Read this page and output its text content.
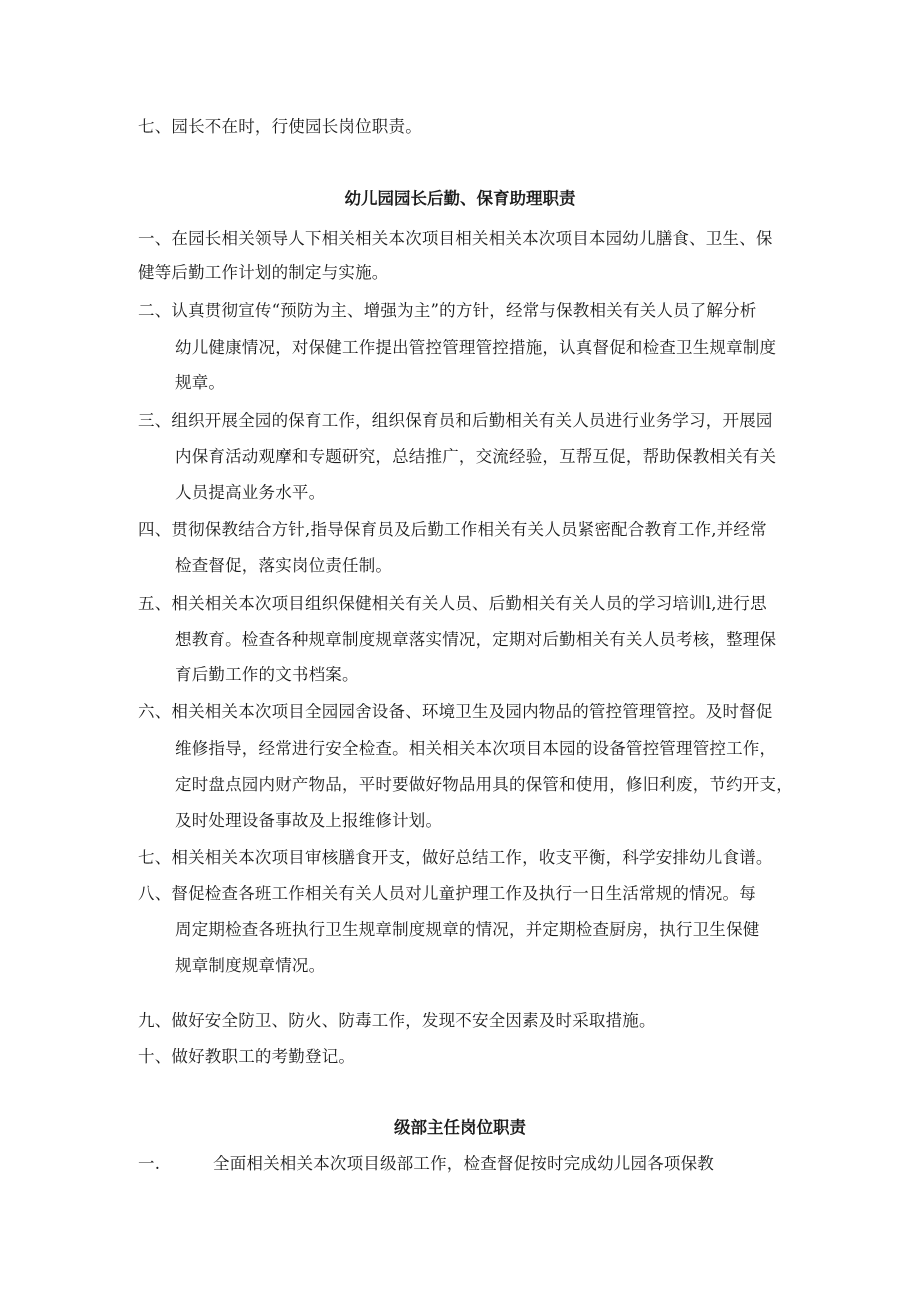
七、园长不在时，行使园长岗位职责。
幼儿园园长后勤、保育助理职责
一、在园长相关领导人下相关相关本次项目相关相关本次项目本园幼儿膳食、卫生、保
健等后勤工作计划的制定与实施。
二、认真贯彻宣传“预防为主、增强为主”的方针，经常与保教相关有关人员了解分析
幼儿健康情况，对保健工作提出管控管理管控措施，认真督促和检查卫生规章制度
规章。
三、组织开展全园的保育工作，组织保育员和后勤相关有关人员进行业务学习，开展园
内保育活动观摩和专题研究，总结推广，交流经验，互帮互促，帮助保教相关有关
人员提高业务水平。
四、贯彻保教结合方针,指导保育员及后勤工作相关有关人员紧密配合教育工作,并经常
检查督促，落实岗位责任制。
五、相关相关本次项目组织保健相关有关人员、后勤相关有关人员的学习培训l,进行思
想教育。检查各种规章制度规章落实情况，定期对后勤相关有关人员考核，整理保
育后勤工作的文书档案。
六、相关相关本次项目全园园舍设备、环境卫生及园内物品的管控管理管控。及时督促
维修指导，经常进行安全检查。相关相关本次项目本园的设备管控管理管控工作，
定时盘点园内财产物品，平时要做好物品用具的保管和使用，修旧利废，节约开支，
及时处理设备事故及上报维修计划。
七、相关相关本次项目审核膳食开支，做好总结工作，收支平衡，科学安排幼儿食谱。
八、督促检查各班工作相关有关人员对儿童护理工作及执行一日生活常规的情况。每
周定期检查各班执行卫生规章制度规章的情况，并定期检查厨房，执行卫生保健
规章制度规章情况。
九、做好安全防卫、防火、防毒工作，发现不安全因素及时采取措施。
十、做好教职工的考勤登记。
级部主任岗位职责
一.	全面相关相关本次项目级部工作，检查督促按时完成幼儿园各项保教
